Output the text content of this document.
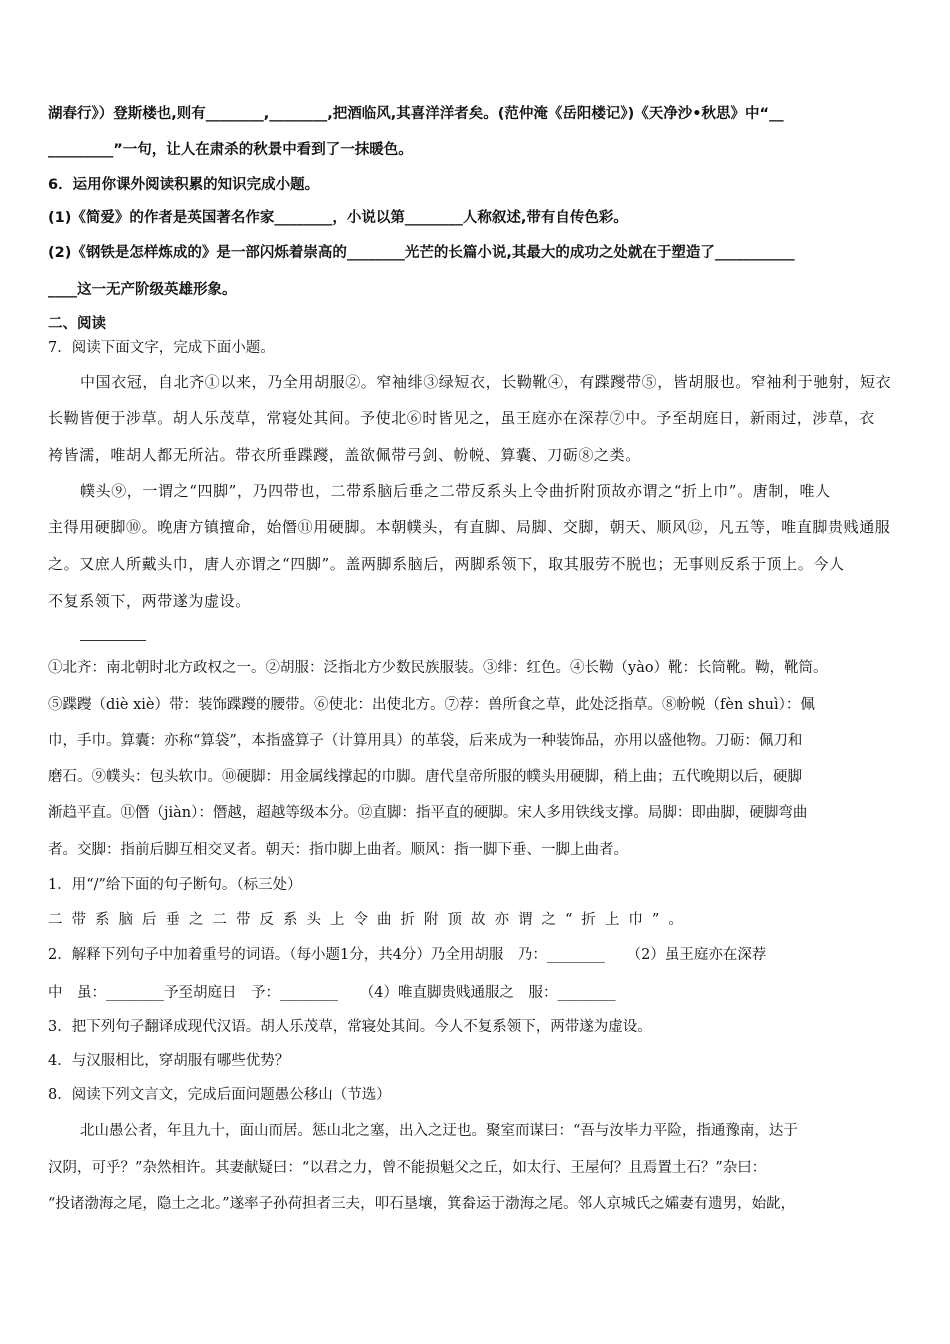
湖春行》）登斯楼也,则有________,________,把酒临风,其喜洋洋者矣。(范仲淹《岳阳楼记》)《天净沙•秋思》中“__
_________”一句，让人在肃杀的秋景中看到了一抹暖色。
6．运用你课外阅读积累的知识完成小题。
(1)《简爱》的作者是英国著名作家________，小说以第________人称叙述,带有自传色彩。
(2)《钢铁是怎样炼成的》是一部闪烁着崇高的________光芒的长篇小说,其最大的成功之处就在于塑造了___________
____这一无产阶级英雄形象。
二、阅读
7．阅读下面文字，完成下面小题。
中国衣冠，自北齐①以来，乃全用胡服②。窄袖绯③绿短衣，长靿靴④，有蹀躞带⑤，皆胡服也。窄袖利于驰射，短衣
长靿皆便于涉草。胡人乐茂草，常寝处其间。予使北⑥时皆见之，虽王庭亦在深荐⑦中。予至胡庭日，新雨过，涉草，衣
袴皆濡，唯胡人都无所沾。带衣所垂蹀躞，盖欲佩带弓剑、帉帨、算囊、刀砺⑧之类。
幞头⑨，一谓之“四脚”，乃四带也，二带系脑后垂之二带反系头上令曲折附顶故亦谓之“折上巾”。唐制，唯人
主得用硬脚⑩。晚唐方镇擅命，始僭⑪用硬脚。本朝幞头，有直脚、局脚、交脚，朝天、顺风⑫，凡五等，唯直脚贵贱通服
之。又庶人所戴头巾，唐人亦谓之“四脚”。盖两脚系脑后，两脚系领下，取其服劳不脱也；无事则反系于顶上。今人
不复系领下，两带遂为虚设。
①北齐：南北朝时北方政权之一。②胡服：泛指北方少数民族服装。③绯：红色。④长靿（yào）靴：长筒靴。靿，靴筒。
⑤蹀躞（diè xiè）带：装饰蹀躞的腰带。⑥使北：出使北方。⑦荐：兽所食之草，此处泛指草。⑧帉帨（fèn shuì）：佩
巾，手巾。算囊：亦称“算袋”，本指盛算子（计算用具）的革袋，后来成为一种装饰品，亦用以盛他物。刀砺：佩刀和
磨石。⑨幞头：包头软巾。⑩硬脚：用金属线撑起的巾脚。唐代皇帝所服的幞头用硬脚，稍上曲；五代晚期以后，硬脚
渐趋平直。⑪僭（jiàn）：僭越，超越等级本分。⑫直脚：指平直的硬脚。宋人多用铁线支撑。局脚：即曲脚，硬脚弯曲
者。交脚：指前后脚互相交叉者。朝天：指巾脚上曲者。顺风：指一脚下垂、一脚上曲者。
1．用“/”给下面的句子断句。（标三处）
二带系脑后垂之二带反系头上令曲折附顶故亦谓之“折上巾”。
2．解释下列句子中加着重号的词语。（每小题1分，共4分）乃全用胡服　乃：________　　（2）虽王庭亦在深荐
中　虽：________予至胡庭日　予：________　　（4）唯直脚贵贱通服之　服：________
3．把下列句子翻译成现代汉语。胡人乐茂草，常寝处其间。今人不复系领下，两带遂为虚设。
4．与汉服相比，穿胡服有哪些优势？
8．阅读下列文言文，完成后面问题愚公移山（节选）
北山愚公者，年且九十，面山而居。惩山北之塞，出入之迂也。聚室而谋曰：“吾与汝毕力平险，指通豫南，达于
汉阴，可乎？”杂然相许。其妻献疑曰：“以君之力，曾不能损魁父之丘，如太行、王屋何？且焉置土石？”杂曰：
“投诸渤海之尾，隐土之北。”遂率子孙荷担者三夫，叩石垦壤，箕畚运于渤海之尾。邻人京城氏之孀妻有遗男，始龀，
